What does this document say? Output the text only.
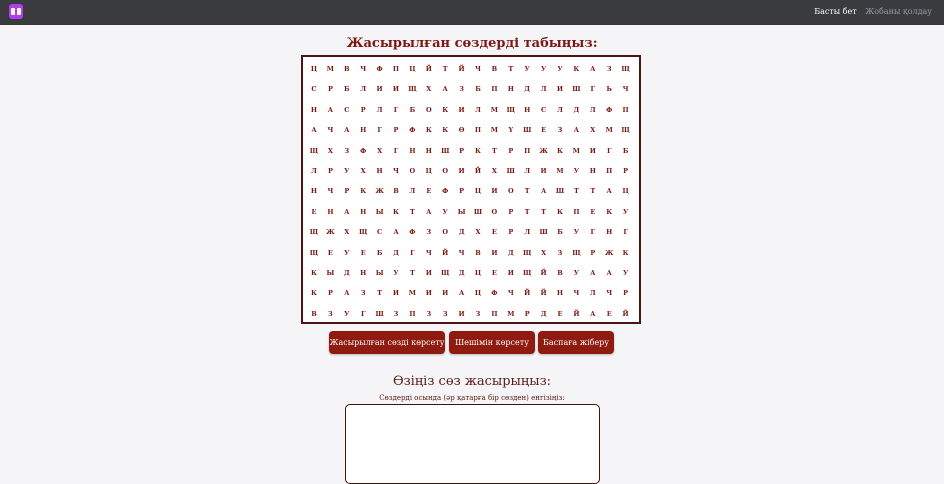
Басты бет Жобаны қолдау
Жасырылған сөздерді табыңыз:
Ц	М	В	Ч	Ф	П	Ц	Й	Т	Й	Ч	В	Т	У	У	У	К	А	З	Щ
С	Р	Б	Л	И	И	Щ	Х	А	З	Б	П	Н	Д	Л	И	Ш	Г	Ь	Ч
Н	А	С	Р	Л	Г	Б	О	К	И	Л	М	Щ	Н	С	Л	Д	Л	Ф	П
А	Ч	А	Н	Г	Р	Ф	К	К	Ө	П	М	Ү	Ш	Е	З	А	Х	М	Щ
Щ	Х	З	Ф	Х	Г	Н	Н	Ш	Р	К	Т	Р	П	Ж	К	М	И	Г	Б
Л	Р	У	Х	Н	Ч	О	Ц	О	И	Й	Х	Ш	Л	И	М	У	Н	П	Р
Н	Ч	Р	К	Ж	В	Л	Е	Ф	Р	Ц	И	О	Т	А	Ш	Т	Т	А	Ц
Е	Н	А	Н	Ы	К	Т	А	У	Ы	Ш	О	Р	Т	Т	К	П	Е	К	У
Щ	Ж	Х	Щ	С	А	Ф	З	О	Д	Х	Е	Р	Л	Ш	Б	У	Г	Н	Г
Щ	Е	У	Е	Б	Д	Г	Ч	Й	Ч	В	И	Д	Щ	Х	З	Щ	Р	Ж	К
К	Ы	Д	Н	Ы	У	Т	И	Щ	Д	Ц	Е	И	Щ	Й	В	У	А	А	У
К	Р	А	З	Т	И	М	И	И	А	Ц	Ф	Ч	Й	Й	Н	Ч	Л	Ч	Р
В	З	У	Г	Ш	З	П	З	З	И	З	П	М	Р	Д	Е	Й	А	Е	Й
Жасырылған сөзді көрсету	Шешімін көрсету	Баспаға жіберу
Өзіңіз сөз жасырыңыз:
Сөздерді осында (әр қатарға бір сөзден) енгізіңіз:
